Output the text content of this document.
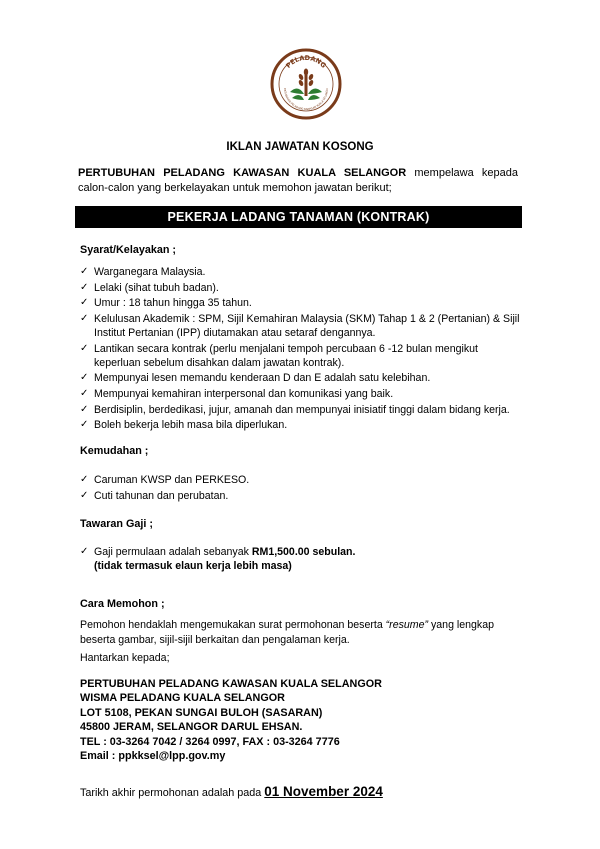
PELADANG
ERTUBUHAN PELADANG KAWASAN KUALA SELANGO
IKLAN JAWATAN KOSONG
PERTUBUHAN PELADANG KAWASAN KUALA SELANGOR mempelawa kepada calon-calon yang berkelayakan untuk memohon jawatan berikut;
PEKERJA LADANG TANAMAN (KONTRAK)
Syarat/Kelayakan ;
✓ Warganegara Malaysia.
✓ Lelaki (sihat tubuh badan).
✓ Umur : 18 tahun hingga 35 tahun.
✓ Kelulusan Akademik : SPM, Sijil Kemahiran Malaysia (SKM) Tahap 1 & 2 (Pertanian) & Sijil Institut Pertanian (IPP) diutamakan atau setaraf dengannya.
✓ Lantikan secara kontrak (perlu menjalani tempoh percubaan 6 -12 bulan mengikut keperluan sebelum disahkan dalam jawatan kontrak).
✓ Mempunyai lesen memandu kenderaan D dan E adalah satu kelebihan.
✓ Mempunyai kemahiran interpersonal dan komunikasi yang baik.
✓ Berdisiplin, berdedikasi, jujur, amanah dan mempunyai inisiatif tinggi dalam bidang kerja.
✓ Boleh bekerja lebih masa bila diperlukan.
Kemudahan ;
✓ Caruman KWSP dan PERKESO.
✓ Cuti tahunan dan perubatan.
Tawaran Gaji ;
✓ Gaji permulaan adalah sebanyak RM1,500.00 sebulan.
(tidak termasuk elaun kerja lebih masa)
Cara Memohon ;
Pemohon hendaklah mengemukakan surat permohonan beserta “resume” yang lengkap beserta gambar, sijil-sijil berkaitan dan pengalaman kerja.
Hantarkan kepada;
PERTUBUHAN PELADANG KAWASAN KUALA SELANGOR
WISMA PELADANG KUALA SELANGOR
LOT 5108, PEKAN SUNGAI BULOH (SASARAN)
45800 JERAM, SELANGOR DARUL EHSAN.
TEL : 03-3264 7042 / 3264 0997, FAX : 03-3264 7776
Email : ppkksel@lpp.gov.my
Tarikh akhir permohonan adalah pada 01 November 2024
